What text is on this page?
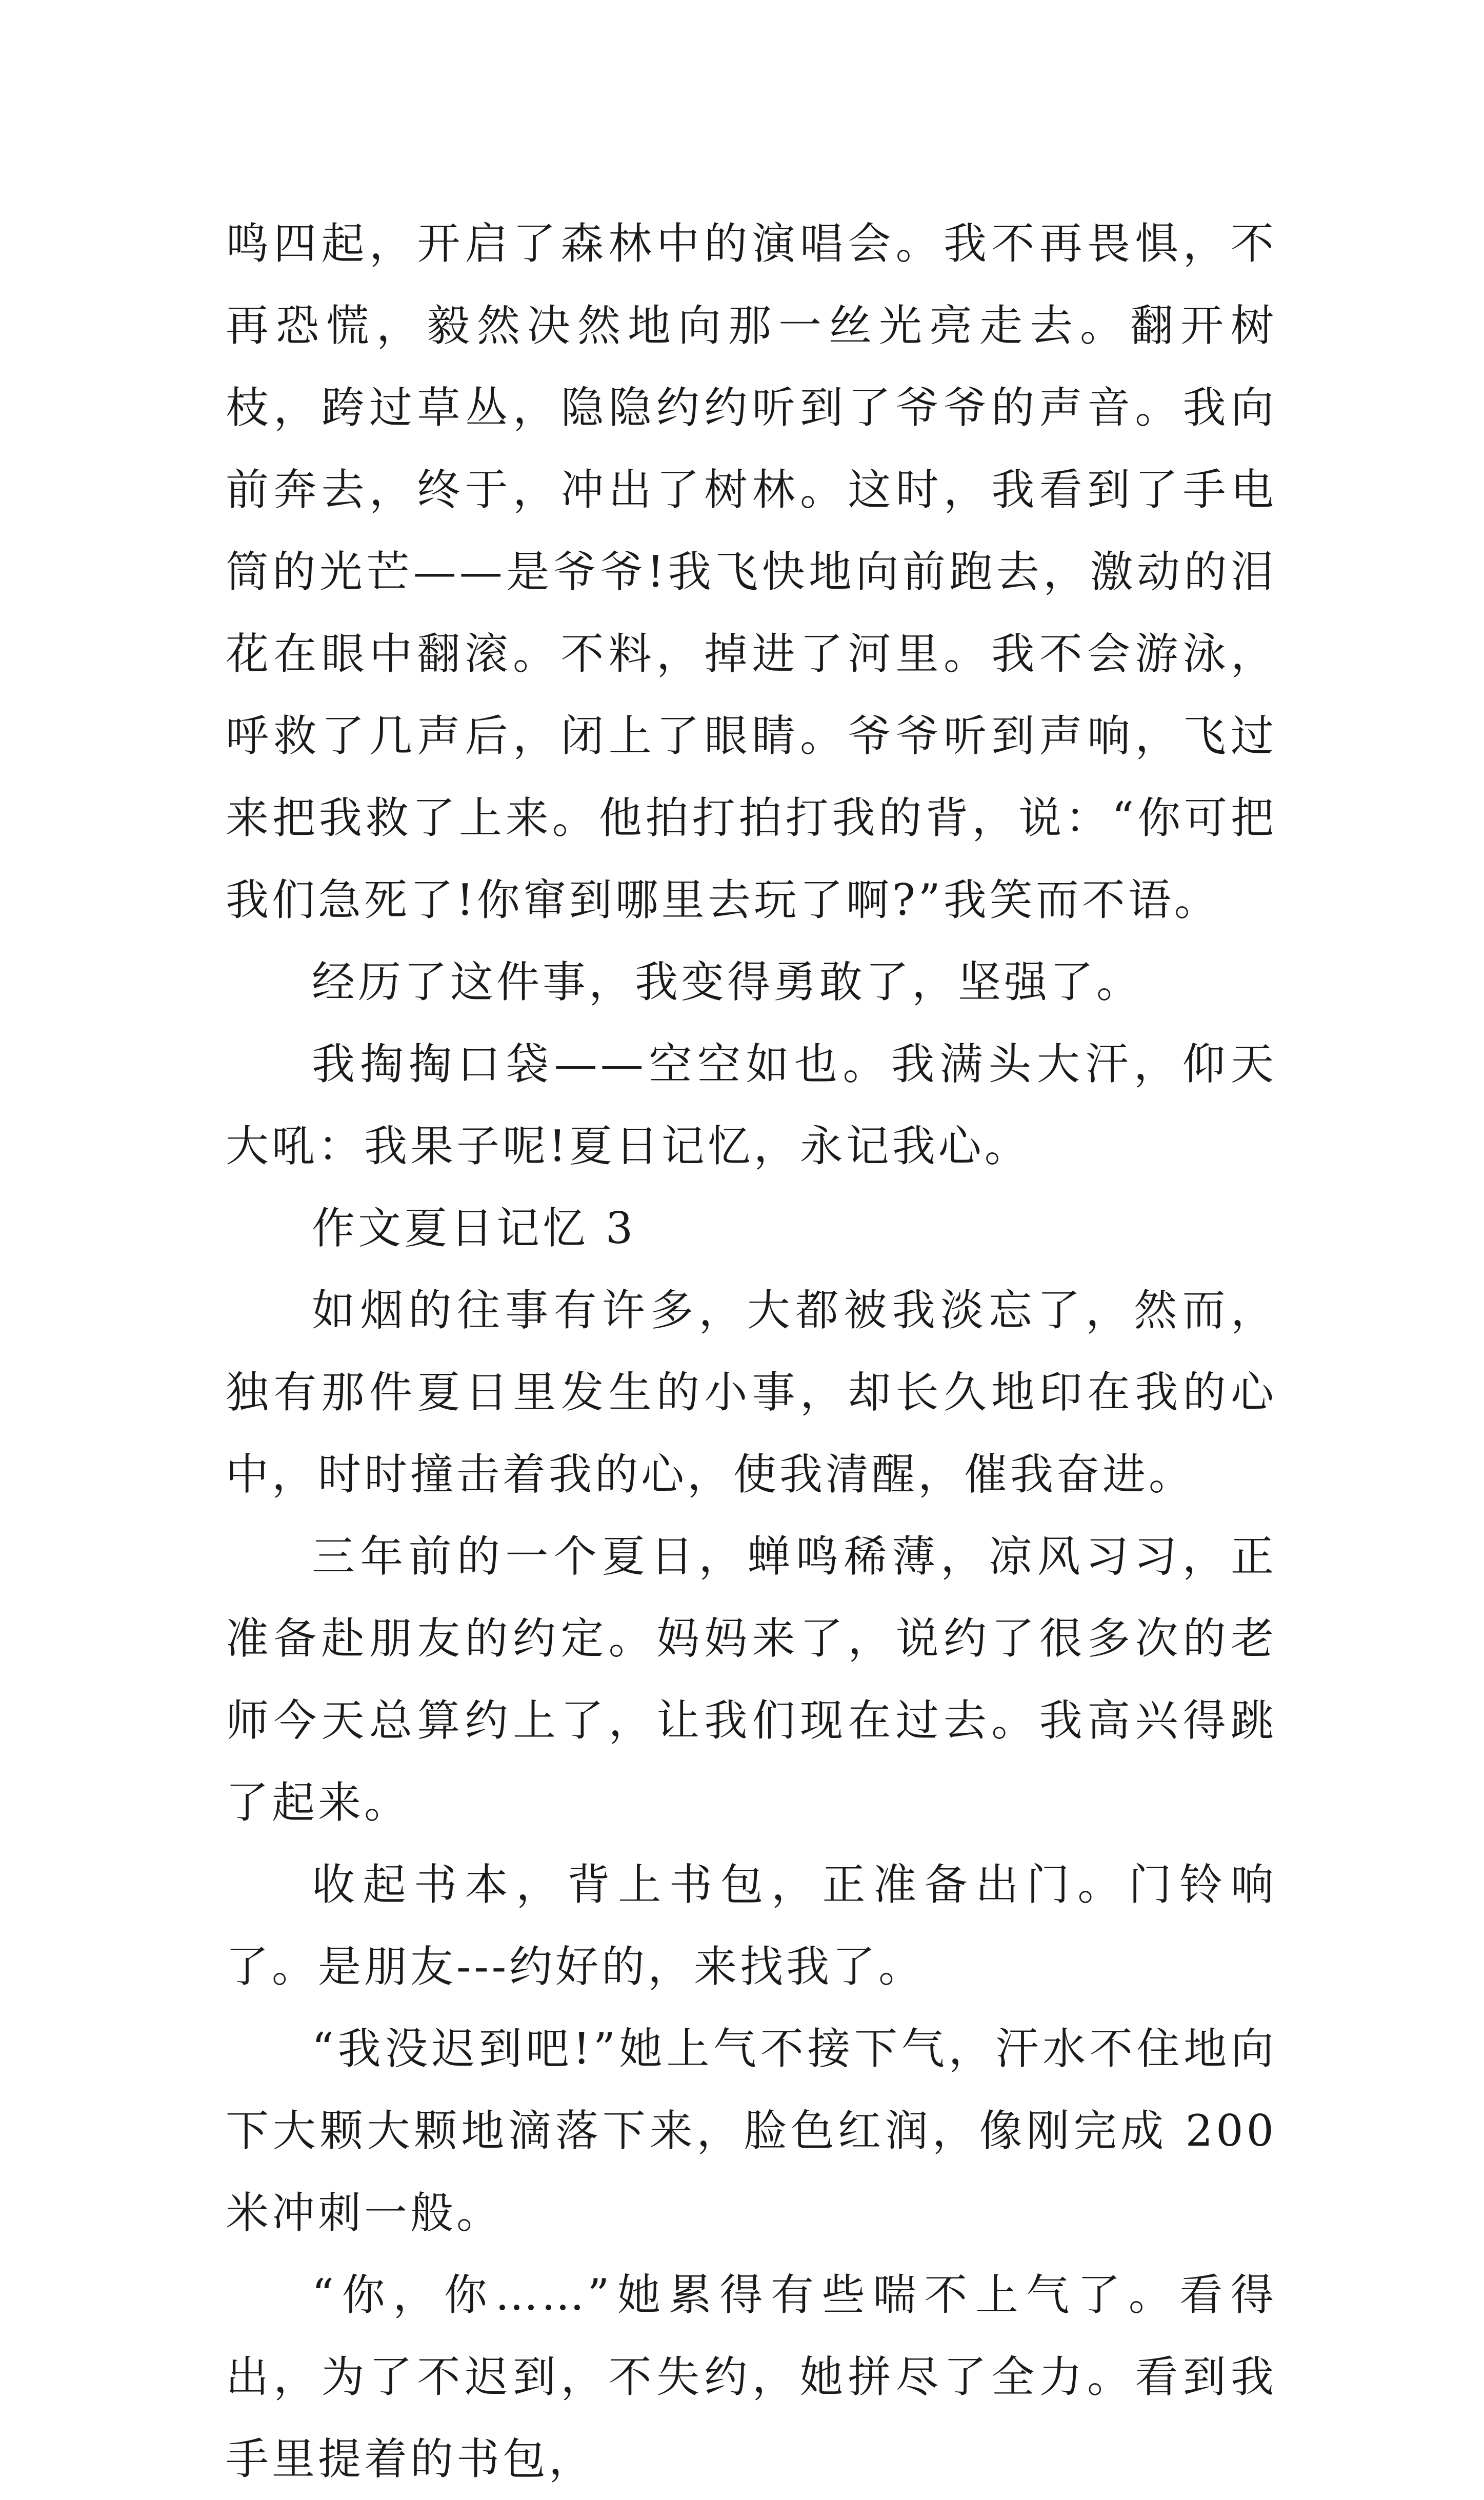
鸣四起，开启了森林中的演唱会。我不再畏惧，不再恐慌，毅然决然地向那一丝光亮走去。翻开树枝，跨过草丛，隐隐约约听到了爷爷的声音。我向前奔去，终于，冲出了树林。这时，我看到了手电筒的光芒——是爷爷!我飞快地向前跑去，激动的泪花在眼中翻滚。不料，掉进了河里。我不会游泳，呼救了几声后，闭上了眼睛。爷爷听到声响，飞过来把我救了上来。他拍打拍打我的背，说：“你可把我们急死了!你窜到哪里去玩了啊?”我笑而不语。

经历了这件事，我变得勇敢了，坚强了。

我掏掏口袋——空空如也。我满头大汗，仰天大吼：我果子呢!夏日记忆，永记我心。

作文夏日记忆 3

如烟的往事有许多，大都被我淡忘了，然而，独有那件夏日里发生的小事，却长久地印在我的心中，时时撞击着我的心，使我清醒，催我奋进。

三年前的一个夏日，蝉鸣稀薄，凉风习习，正准备赴朋友的约定。妈妈来了，说约了很多次的老师今天总算约上了，让我们现在过去。我高兴得跳了起来。

收起书本，背上书包，正准备出门。门铃响了。是朋友---约好的，来找我了。

“我没迟到吧!”她上气不接下气，汗水不住地向下大颗大颗地滴落下来，脸色红润，像刚完成 200 米冲刺一般。

“你，你……”她累得有些喘不上气了。看得出，为了不迟到，不失约，她拼尽了全力。看到我手里提着的书包，
